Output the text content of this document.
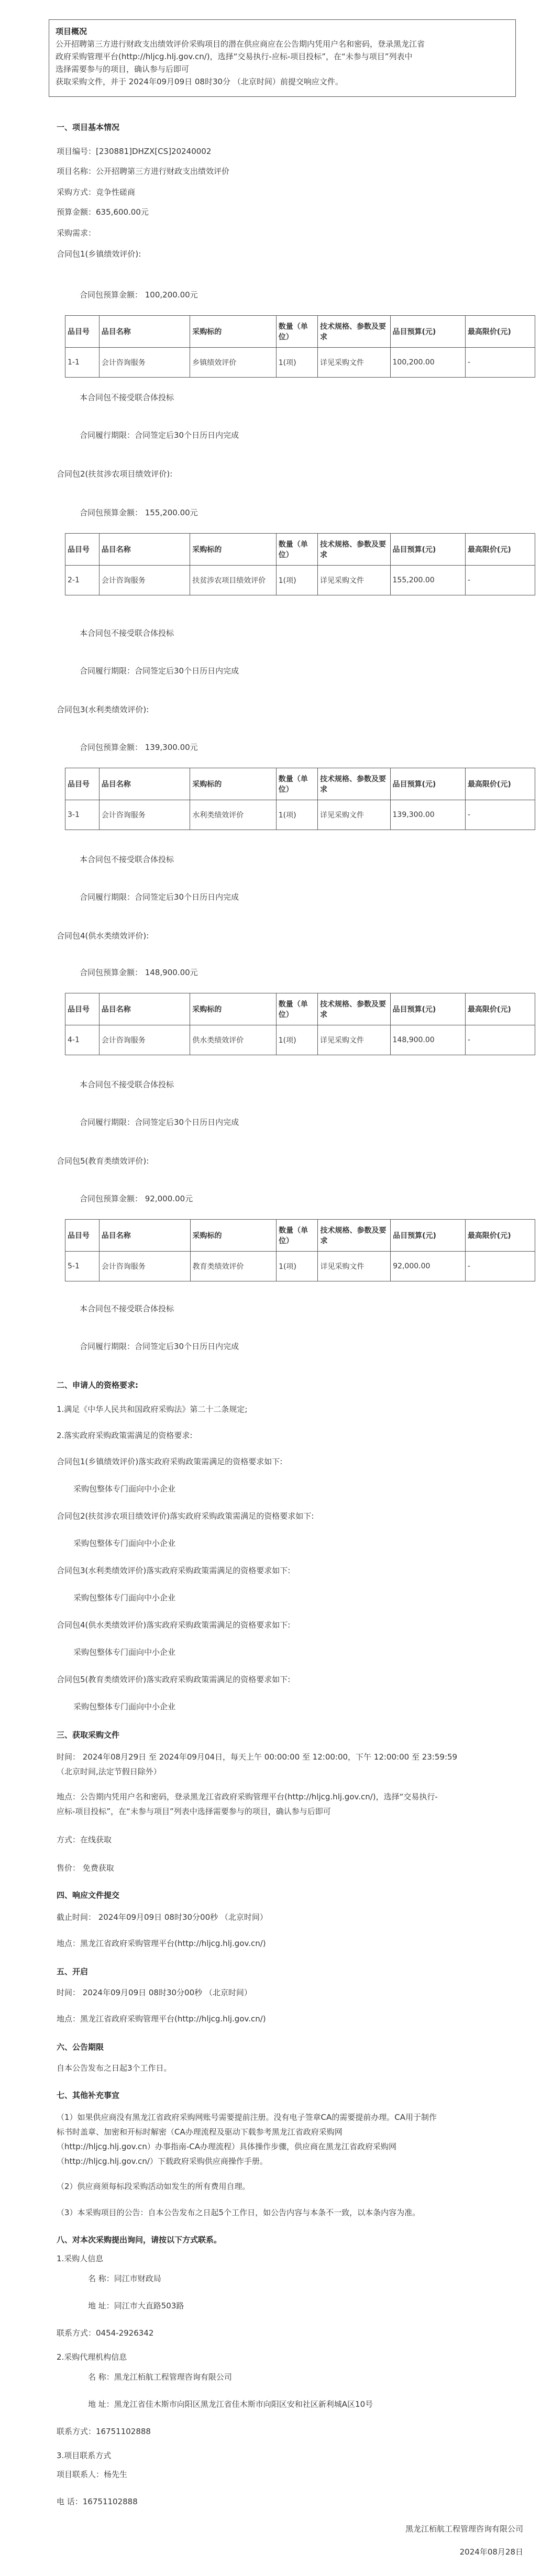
项目概况

公开招聘第三方进行财政支出绩效评价采购项目的潜在供应商应在公告期内凭用户名和密码，登录黑龙江省

政府采购管理平台(http://hljcg.hlj.gov.cn/)，选择“交易执行-应标-项目投标”，在“未参与项目”列表中

选择需要参与的项目，确认参与后即可

获取采购文件，并于 2024年09月09日 08时30分 （北京时间）前提交响应文件。

一、项目基本情况
项目编号：[230881]DHZX[CS]20240002
项目名称：公开招聘第三方进行财政支出绩效评价
采购方式：竞争性磋商
预算金额：635,600.00元
采购需求：
合同包1(乡镇绩效评价):
合同包预算金额： 100,200.00元
品目号	品目名称	采购标的	数量（单位）	技术规格、参数及要求	品目预算(元)	最高限价(元)
1-1	会计咨询服务	乡镇绩效评价	1(项)	详见采购文件	100,200.00	-
本合同包不接受联合体投标
合同履行期限：合同签定后30个日历日内完成
合同包2(扶贫涉农项目绩效评价):
合同包预算金额： 155,200.00元
品目号	品目名称	采购标的	数量（单位）	技术规格、参数及要求	品目预算(元)	最高限价(元)
2-1	会计咨询服务	扶贫涉农项目绩效评价	1(项)	详见采购文件	155,200.00	-
本合同包不接受联合体投标
合同履行期限：合同签定后30个日历日内完成
合同包3(水利类绩效评价):
合同包预算金额： 139,300.00元
品目号	品目名称	采购标的	数量（单位）	技术规格、参数及要求	品目预算(元)	最高限价(元)
3-1	会计咨询服务	水利类绩效评价	1(项)	详见采购文件	139,300.00	-
本合同包不接受联合体投标
合同履行期限：合同签定后30个日历日内完成
合同包4(供水类绩效评价):
合同包预算金额： 148,900.00元
品目号	品目名称	采购标的	数量（单位）	技术规格、参数及要求	品目预算(元)	最高限价(元)
4-1	会计咨询服务	供水类绩效评价	1(项)	详见采购文件	148,900.00	-
本合同包不接受联合体投标
合同履行期限：合同签定后30个日历日内完成
合同包5(教育类绩效评价):
合同包预算金额： 92,000.00元
品目号	品目名称	采购标的	数量（单位）	技术规格、参数及要求	品目预算(元)	最高限价(元)
5-1	会计咨询服务	教育类绩效评价	1(项)	详见采购文件	92,000.00	-
本合同包不接受联合体投标
合同履行期限：合同签定后30个日历日内完成
二、申请人的资格要求:
1.满足《中华人民共和国政府采购法》第二十二条规定;
2.落实政府采购政策需满足的资格要求:
合同包1(乡镇绩效评价)落实政府采购政策需满足的资格要求如下:
采购包整体专门面向中小企业
合同包2(扶贫涉农项目绩效评价)落实政府采购政策需满足的资格要求如下:
采购包整体专门面向中小企业
合同包3(水利类绩效评价)落实政府采购政策需满足的资格要求如下:
采购包整体专门面向中小企业
合同包4(供水类绩效评价)落实政府采购政策需满足的资格要求如下:
采购包整体专门面向中小企业
合同包5(教育类绩效评价)落实政府采购政策需满足的资格要求如下:
采购包整体专门面向中小企业
三、获取采购文件
时间： 2024年08月29日 至 2024年09月04日，每天上午 00:00:00 至 12:00:00，下午 12:00:00 至 23:59:59
（北京时间,法定节假日除外）
地点：公告期内凭用户名和密码，登录黑龙江省政府采购管理平台(http://hljcg.hlj.gov.cn/)，选择“交易执行-
应标-项目投标”，在“未参与项目”列表中选择需要参与的项目，确认参与后即可
方式：在线获取
售价： 免费获取
四、响应文件提交
截止时间： 2024年09月09日 08时30分00秒 （北京时间）
地点：黑龙江省政府采购管理平台(http://hljcg.hlj.gov.cn/)
五、开启
时间： 2024年09月09日 08时30分00秒 （北京时间）
地点：黑龙江省政府采购管理平台(http://hljcg.hlj.gov.cn/)
六、公告期限
自本公告发布之日起3个工作日。
七、其他补充事宜
（1）如果供应商没有黑龙江省政府采购网账号需要提前注册。没有电子签章CA的需要提前办理。CA用于制作
标书时盖章、加密和开标时解密（CA办理流程及驱动下载参考黑龙江省政府采购网
（http://hljcg.hlj.gov.cn）办事指南-CA办理流程）具体操作步骤，供应商在黑龙江省政府采购网
（http://hljcg.hlj.gov.cn/）下载政府采购供应商操作手册。
（2）供应商须每标段采购活动如发生的所有费用自理。
（3）本采购项目的公告：自本公告发布之日起5个工作日，如公告内容与本条不一致，以本条内容为准。
八、对本次采购提出询问，请按以下方式联系。
1.采购人信息
名 称：同江市财政局
地 址：同江市大直路503路
联系方式：0454-2926342
2.采购代理机构信息
名 称：黑龙江栢航工程管理咨询有限公司
地 址：黑龙江省佳木斯市向阳区黑龙江省佳木斯市向阳区安和社区新利城A区10号
联系方式：16751102888
3.项目联系方式
项目联系人：杨先生
电 话：16751102888
黑龙江栢航工程管理咨询有限公司
2024年08月28日
